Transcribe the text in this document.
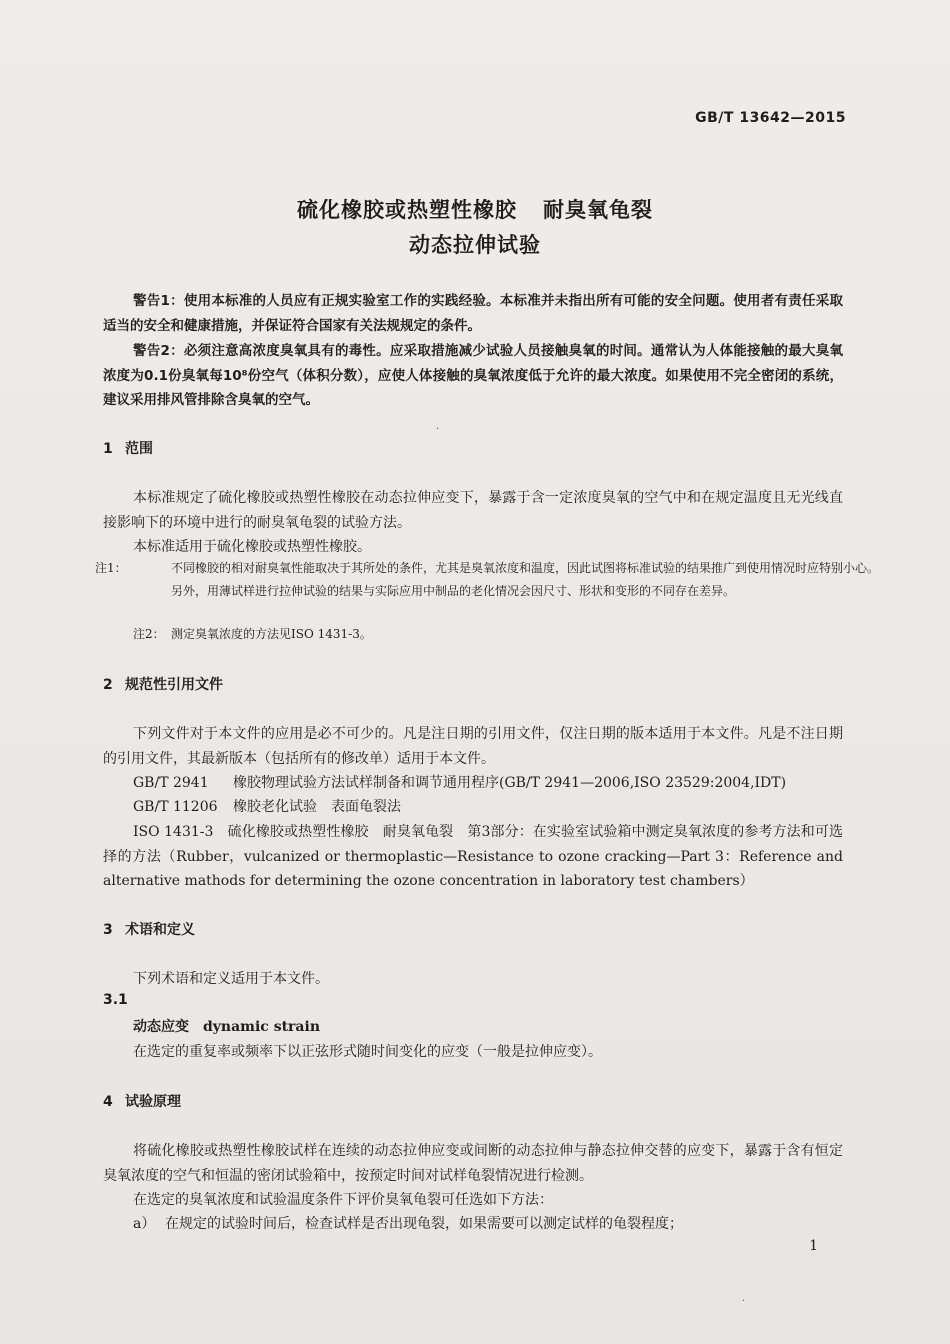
GB/T 13642—2015
硫化橡胶或热塑性橡胶 耐臭氧龟裂
动态拉伸试验

警告1：使用本标准的人员应有正规实验室工作的实践经验。本标准并未指出所有可能的安全问题。使用者有责任采取适当的安全和健康措施，并保证符合国家有关法规规定的条件。

警告2：必须注意高浓度臭氧具有的毒性。应采取措施减少试验人员接触臭氧的时间。通常认为人体能接触的最大臭氧浓度为0.1份臭氧每10⁸份空气（体积分数），应使人体接触的臭氧浓度低于允许的最大浓度。如果使用不完全密闭的系统，建议采用排风管排除含臭氧的空气。

1 范围

本标准规定了硫化橡胶或热塑性橡胶在动态拉伸应变下，暴露于含一定浓度臭氧的空气中和在规定温度且无光线直接影响下的环境中进行的耐臭氧龟裂的试验方法。

本标准适用于硫化橡胶或热塑性橡胶。

注1：	不同橡胶的相对耐臭氧性能取决于其所处的条件，尤其是臭氧浓度和温度，因此试图将标准试验的结果推广到使用情况时应特别小心。另外，用薄试样进行拉伸试验的结果与实际应用中制品的老化情况会因尺寸、形状和变形的不同存在差异。
注2： 测定臭氧浓度的方法见ISO 1431-3。
2 规范性引用文件

下列文件对于本文件的应用是必不可少的。凡是注日期的引用文件，仅注日期的版本适用于本文件。凡是不注日期的引用文件，其最新版本（包括所有的修改单）适用于本文件。

GB/T 2941 橡胶物理试验方法试样制备和调节通用程序(GB/T 2941—2006,ISO 23529:2004,IDT)
GB/T 11206 橡胶老化试验　表面龟裂法

ISO 1431-3　硫化橡胶或热塑性橡胶　耐臭氧龟裂　第3部分：在实验室试验箱中测定臭氧浓度的参考方法和可选择的方法（Rubber，vulcanized or thermoplastic—Resistance to ozone cracking—Part 3：Reference and alternative mathods for determining the ozone concentration in laboratory test chambers）

3 术语和定义

下列术语和定义适用于本文件。

3.1
动态应变 dynamic strain

在选定的重复率或频率下以正弦形式随时间变化的应变（一般是拉伸应变）。

4 试验原理

将硫化橡胶或热塑性橡胶试样在连续的动态拉伸应变或间断的动态拉伸与静态拉伸交替的应变下，暴露于含有恒定臭氧浓度的空气和恒温的密闭试验箱中，按预定时间对试样龟裂情况进行检测。

在选定的臭氧浓度和试验温度条件下评价臭氧龟裂可任选如下方法：

a） 在规定的试验时间后，检查试样是否出现龟裂，如果需要可以测定试样的龟裂程度；
1
·
·
